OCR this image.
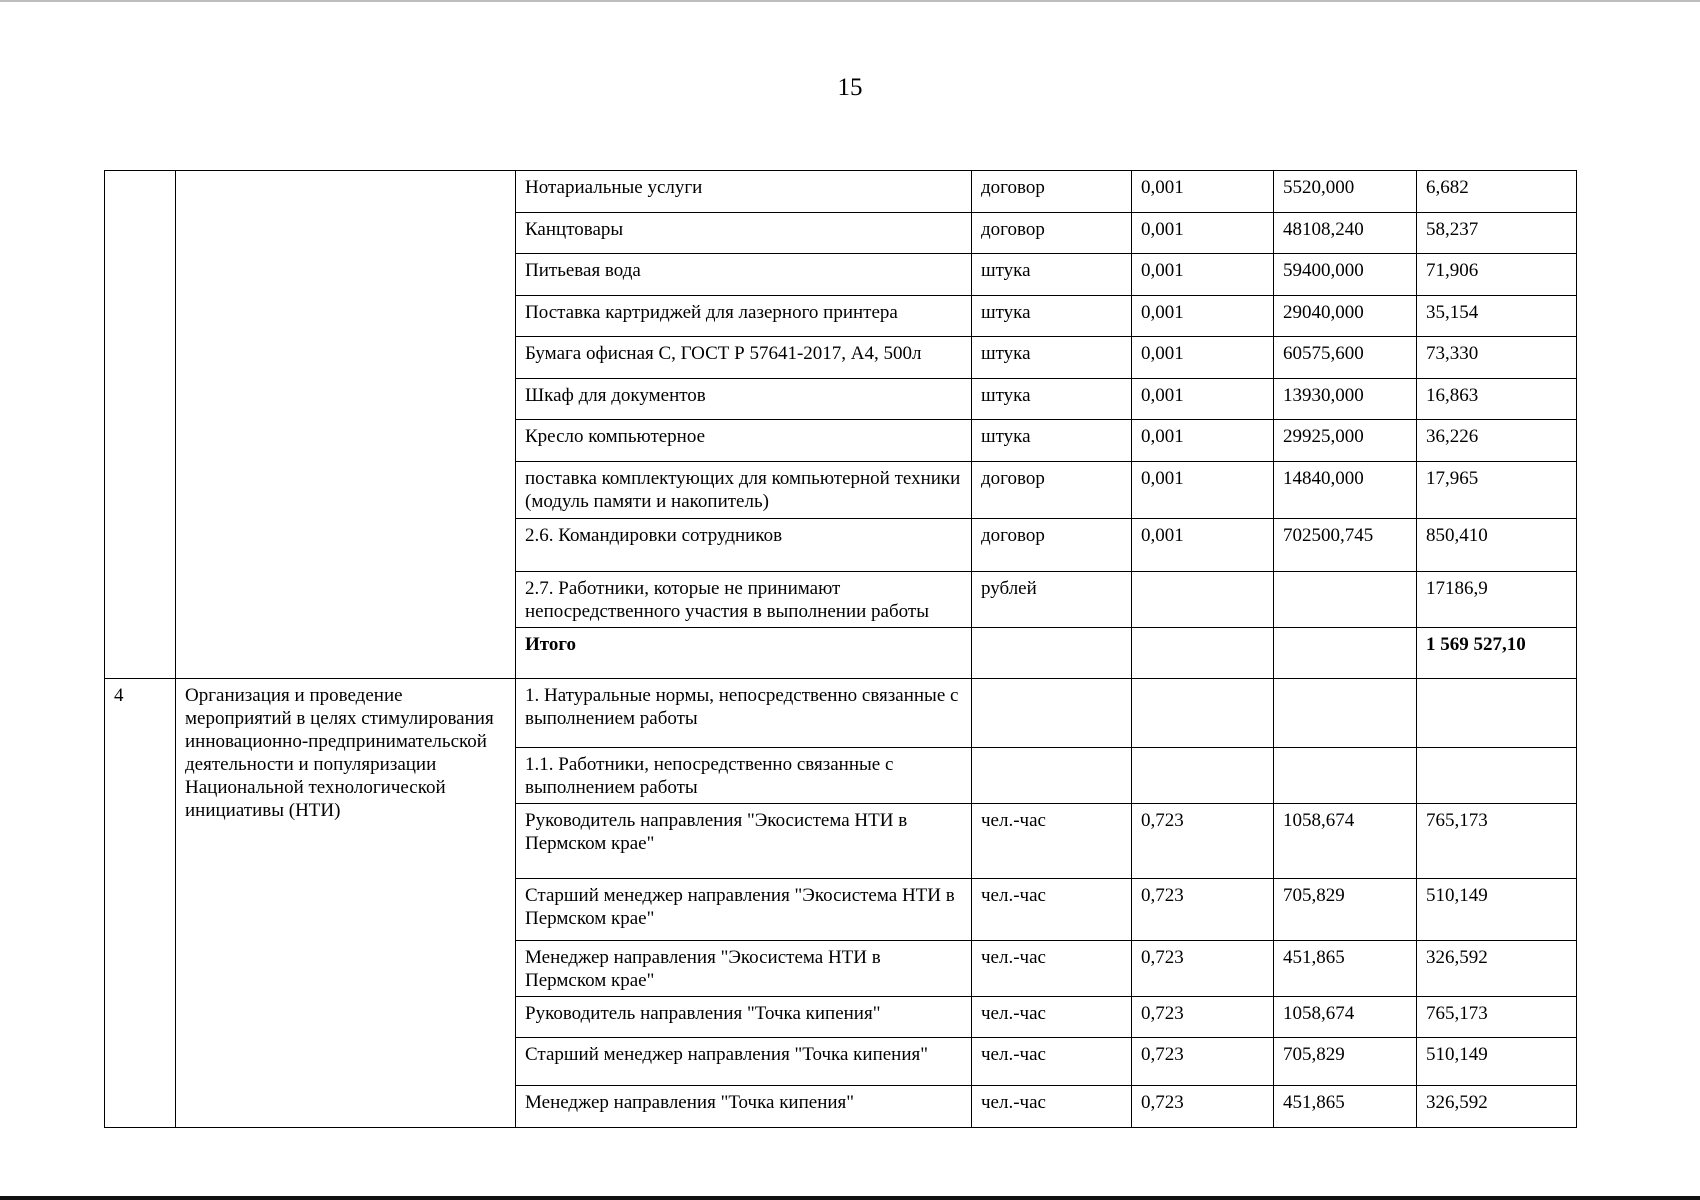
15
		Нотариальные услуги	договор	0,001	5520,000	6,682
		Канцтовары	договор	0,001	48108,240	58,237
		Питьевая вода	штука	0,001	59400,000	71,906
		Поставка картриджей для лазерного принтера	штука	0,001	29040,000	35,154
		Бумага офисная С, ГОСТ Р 57641-2017, А4, 500л	штука	0,001	60575,600	73,330
		Шкаф для документов	штука	0,001	13930,000	16,863
		Кресло компьютерное	штука	0,001	29925,000	36,226
		поставка комплектующих для компьютерной техники (модуль памяти и накопитель)	договор	0,001	14840,000	17,965
		2.6. Командировки сотрудников	договор	0,001	702500,745	850,410
		2.7. Работники, которые не принимают непосредственного участия в выполнении работы	рублей			17186,9
		Итого				1 569 527,10
4	Организация и проведение мероприятий в целях стимулирования инновационно-предпринимательской деятельности и популяризации Национальной технологической инициативы (НТИ)	1. Натуральные нормы, непосредственно связанные с выполнением работы				
		1.1. Работники, непосредственно связанные с выполнением работы				
		Руководитель направления "Экосистема НТИ в Пермском крае"	чел.-час	0,723	1058,674	765,173
		Старший менеджер направления "Экосистема НТИ в Пермском крае"	чел.-час	0,723	705,829	510,149
		Менеджер направления "Экосистема НТИ в Пермском крае"	чел.-час	0,723	451,865	326,592
		Руководитель направления "Точка кипения"	чел.-час	0,723	1058,674	765,173
		Старший менеджер направления "Точка кипения"	чел.-час	0,723	705,829	510,149
		Менеджер направления "Точка кипения"	чел.-час	0,723	451,865	326,592
